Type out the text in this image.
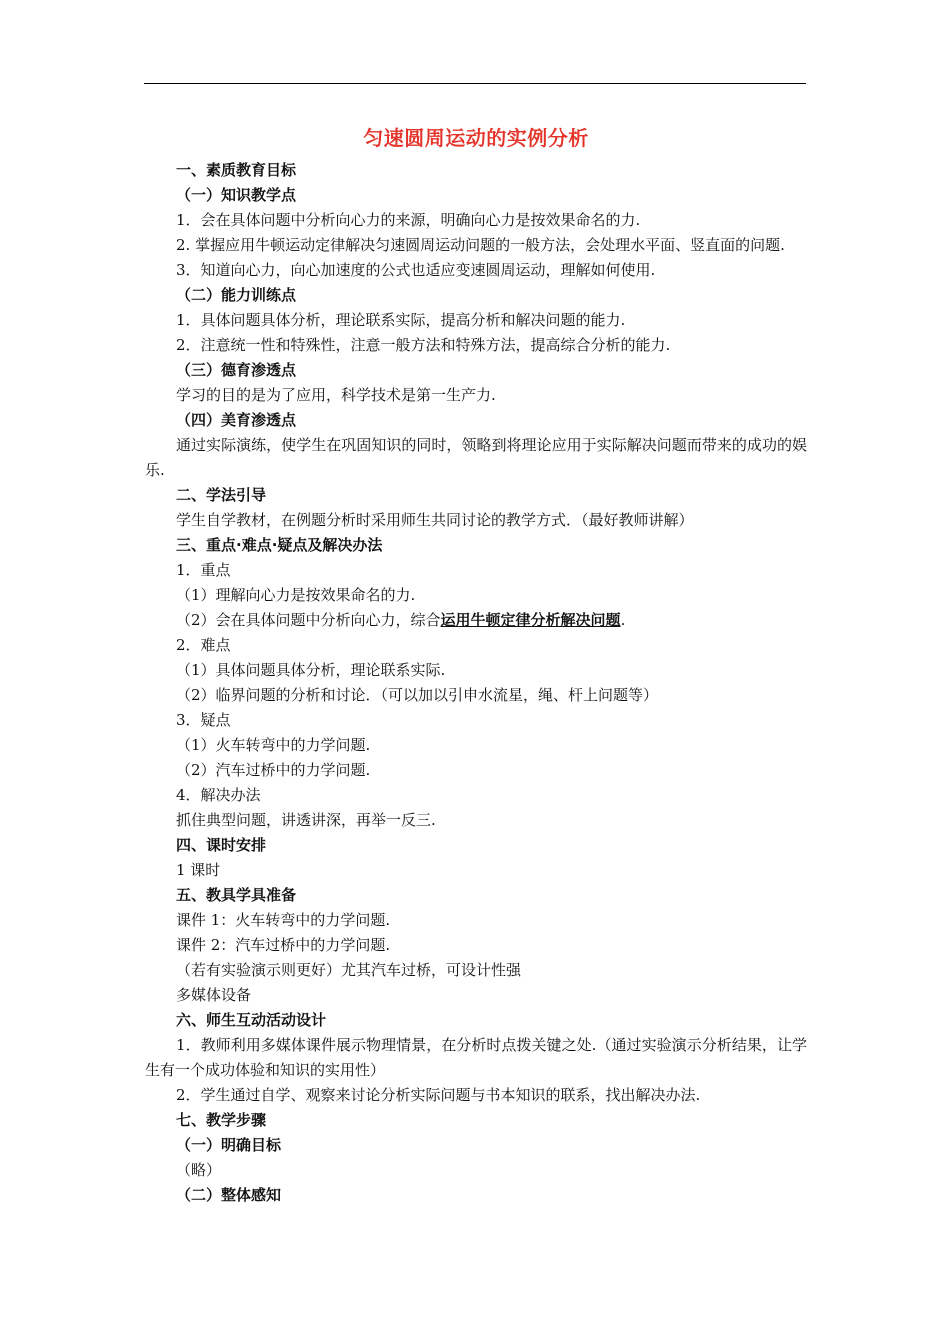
匀速圆周运动的实例分析

一、素质教育目标

（一）知识教学点

1．会在具体问题中分析向心力的来源，明确向心力是按效果命名的力.

2. 掌握应用牛顿运动定律解决匀速圆周运动问题的一般方法，会处理水平面、竖直面的问题.

3．知道向心力，向心加速度的公式也适应变速圆周运动，理解如何使用.

（二）能力训练点

1．具体问题具体分析，理论联系实际，提高分析和解决问题的能力.

2．注意统一性和特殊性，注意一般方法和特殊方法，提高综合分析的能力.

（三）德育渗透点

学习的目的是为了应用，科学技术是第一生产力.

（四）美育渗透点

通过实际演练，使学生在巩固知识的同时，领略到将理论应用于实际解决问题而带来的成功的娱乐.

二、学法引导

学生自学教材，在例题分析时采用师生共同讨论的教学方式．（最好教师讲解）

三、重点·难点·疑点及解决办法

1．重点

（1）理解向心力是按效果命名的力.

（2）会在具体问题中分析向心力，综合运用牛顿定律分析解决问题.

2．难点

（1）具体问题具体分析，理论联系实际.

（2）临界问题的分析和讨论．（可以加以引申水流星，绳、杆上问题等）

3．疑点

（1）火车转弯中的力学问题.

（2）汽车过桥中的力学问题.

4．解决办法

抓住典型问题，讲透讲深，再举一反三.

四、课时安排

1 课时

五、教具学具准备

课件 1：火车转弯中的力学问题.

课件 2：汽车过桥中的力学问题.

（若有实验演示则更好）尤其汽车过桥，可设计性强

多媒体设备

六、师生互动活动设计

1．教师利用多媒体课件展示物理情景，在分析时点拨关键之处.（通过实验演示分析结果，让学生有一个成功体验和知识的实用性）

2．学生通过自学、观察来讨论分析实际问题与书本知识的联系，找出解决办法.

七、教学步骤

（一）明确目标

（略）

（二）整体感知
